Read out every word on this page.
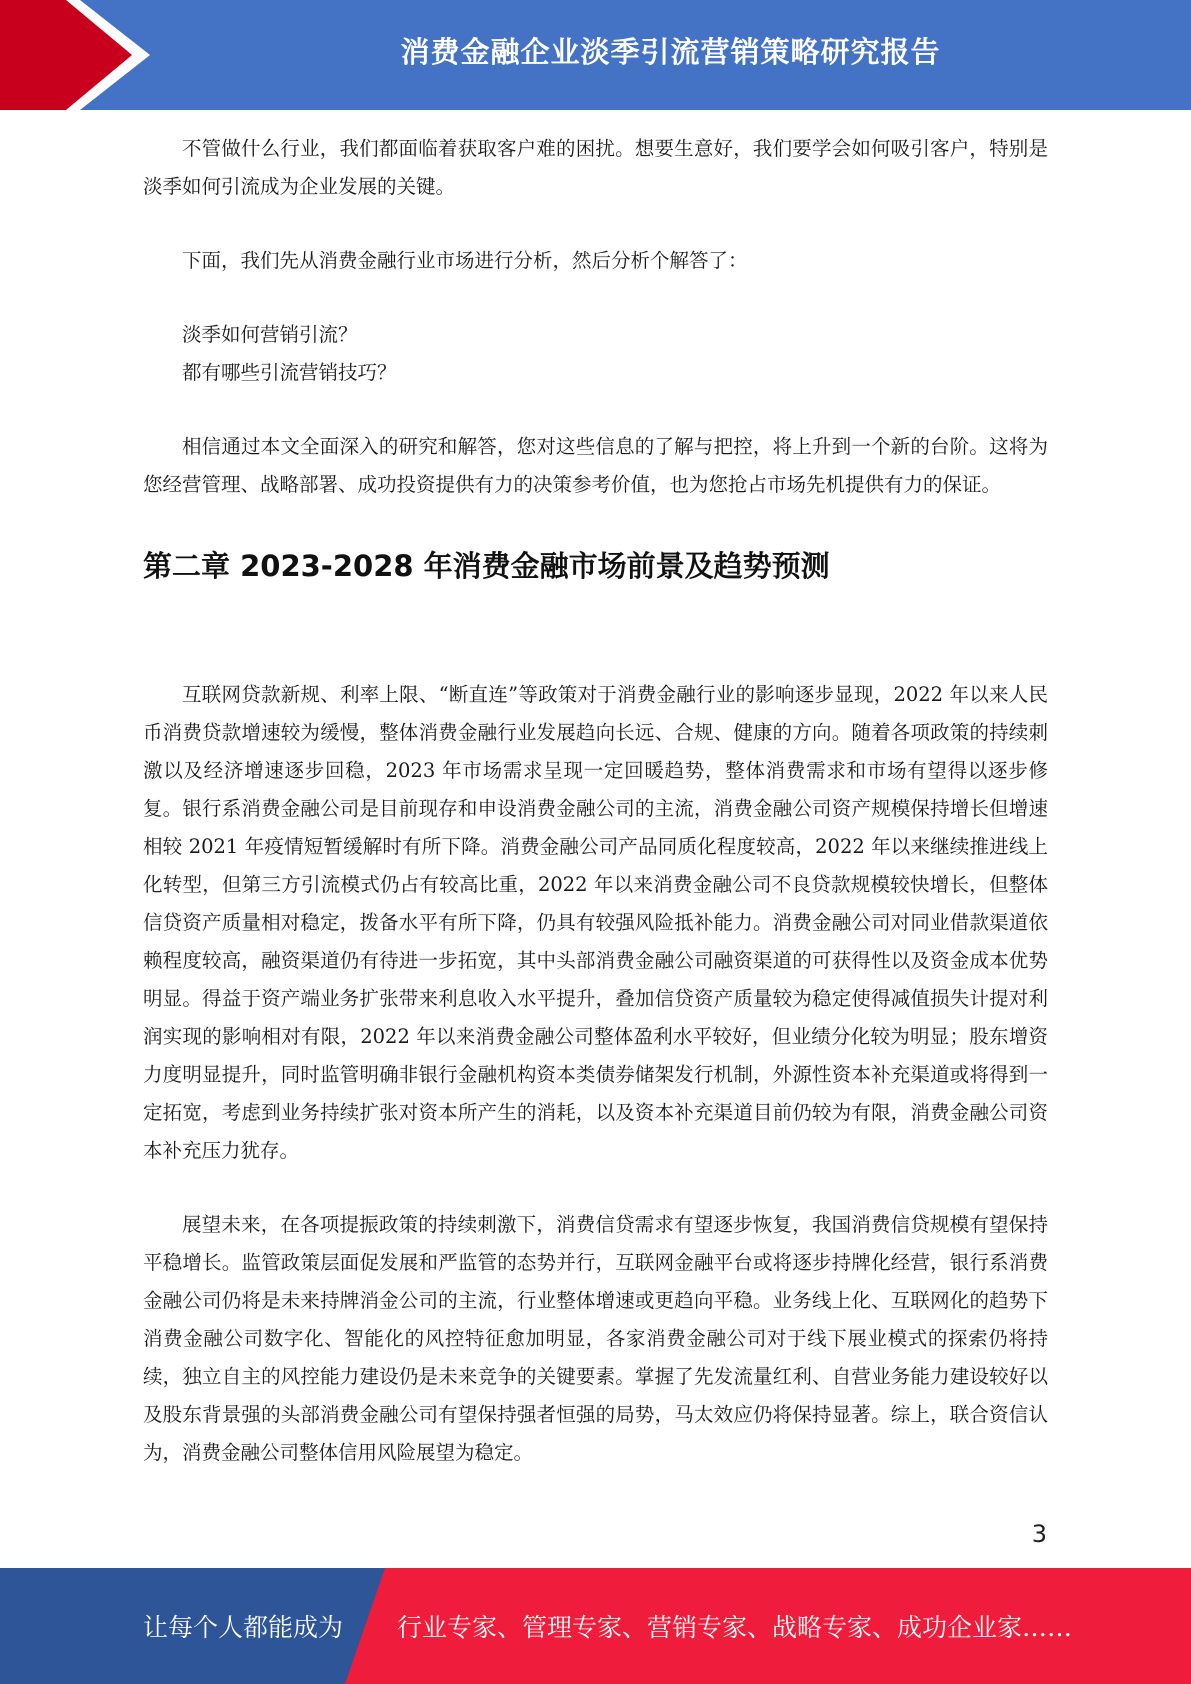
消费金融企业淡季引流营销策略研究报告

不管做什么行业，我们都面临着获取客户难的困扰。想要生意好，我们要学会如何吸引客户，特别是淡季如何引流成为企业发展的关键。

下面，我们先从消费金融行业市场进行分析，然后分析个解答了：

淡季如何营销引流？

都有哪些引流营销技巧？

相信通过本文全面深入的研究和解答，您对这些信息的了解与把控，将上升到一个新的台阶。这将为您经营管理、战略部署、成功投资提供有力的决策参考价值，也为您抢占市场先机提供有力的保证。

第二章 2023-2028 年消费金融市场前景及趋势预测

互联网贷款新规、利率上限、“断直连”等政策对于消费金融行业的影响逐步显现，2022 年以来人民币消费贷款增速较为缓慢，整体消费金融行业发展趋向长远、合规、健康的方向。随着各项政策的持续刺激以及经济增速逐步回稳，2023 年市场需求呈现一定回暖趋势，整体消费需求和市场有望得以逐步修复。银行系消费金融公司是目前现存和申设消费金融公司的主流，消费金融公司资产规模保持增长但增速相较 2021 年疫情短暂缓解时有所下降。消费金融公司产品同质化程度较高，2022 年以来继续推进线上化转型，但第三方引流模式仍占有较高比重，2022 年以来消费金融公司不良贷款规模较快增长，但整体信贷资产质量相对稳定，拨备水平有所下降，仍具有较强风险抵补能力。消费金融公司对同业借款渠道依赖程度较高，融资渠道仍有待进一步拓宽，其中头部消费金融公司融资渠道的可获得性以及资金成本优势明显。得益于资产端业务扩张带来利息收入水平提升，叠加信贷资产质量较为稳定使得减值损失计提对利润实现的影响相对有限，2022 年以来消费金融公司整体盈利水平较好，但业绩分化较为明显；股东增资力度明显提升，同时监管明确非银行金融机构资本类债券储架发行机制，外源性资本补充渠道或将得到一定拓宽，考虑到业务持续扩张对资本所产生的消耗，以及资本补充渠道目前仍较为有限，消费金融公司资本补充压力犹存。

展望未来，在各项提振政策的持续刺激下，消费信贷需求有望逐步恢复，我国消费信贷规模有望保持平稳增长。监管政策层面促发展和严监管的态势并行，互联网金融平台或将逐步持牌化经营，银行系消费金融公司仍将是未来持牌消金公司的主流，行业整体增速或更趋向平稳。业务线上化、互联网化的趋势下消费金融公司数字化、智能化的风控特征愈加明显，各家消费金融公司对于线下展业模式的探索仍将持续，独立自主的风控能力建设仍是未来竞争的关键要素。掌握了先发流量红利、自营业务能力建设较好以及股东背景强的头部消费金融公司有望保持强者恒强的局势，马太效应仍将保持显著。综上，联合资信认为，消费金融公司整体信用风险展望为稳定。

3
让每个人都能成为 行业专家、管理专家、营销专家、战略专家、成功企业家……
